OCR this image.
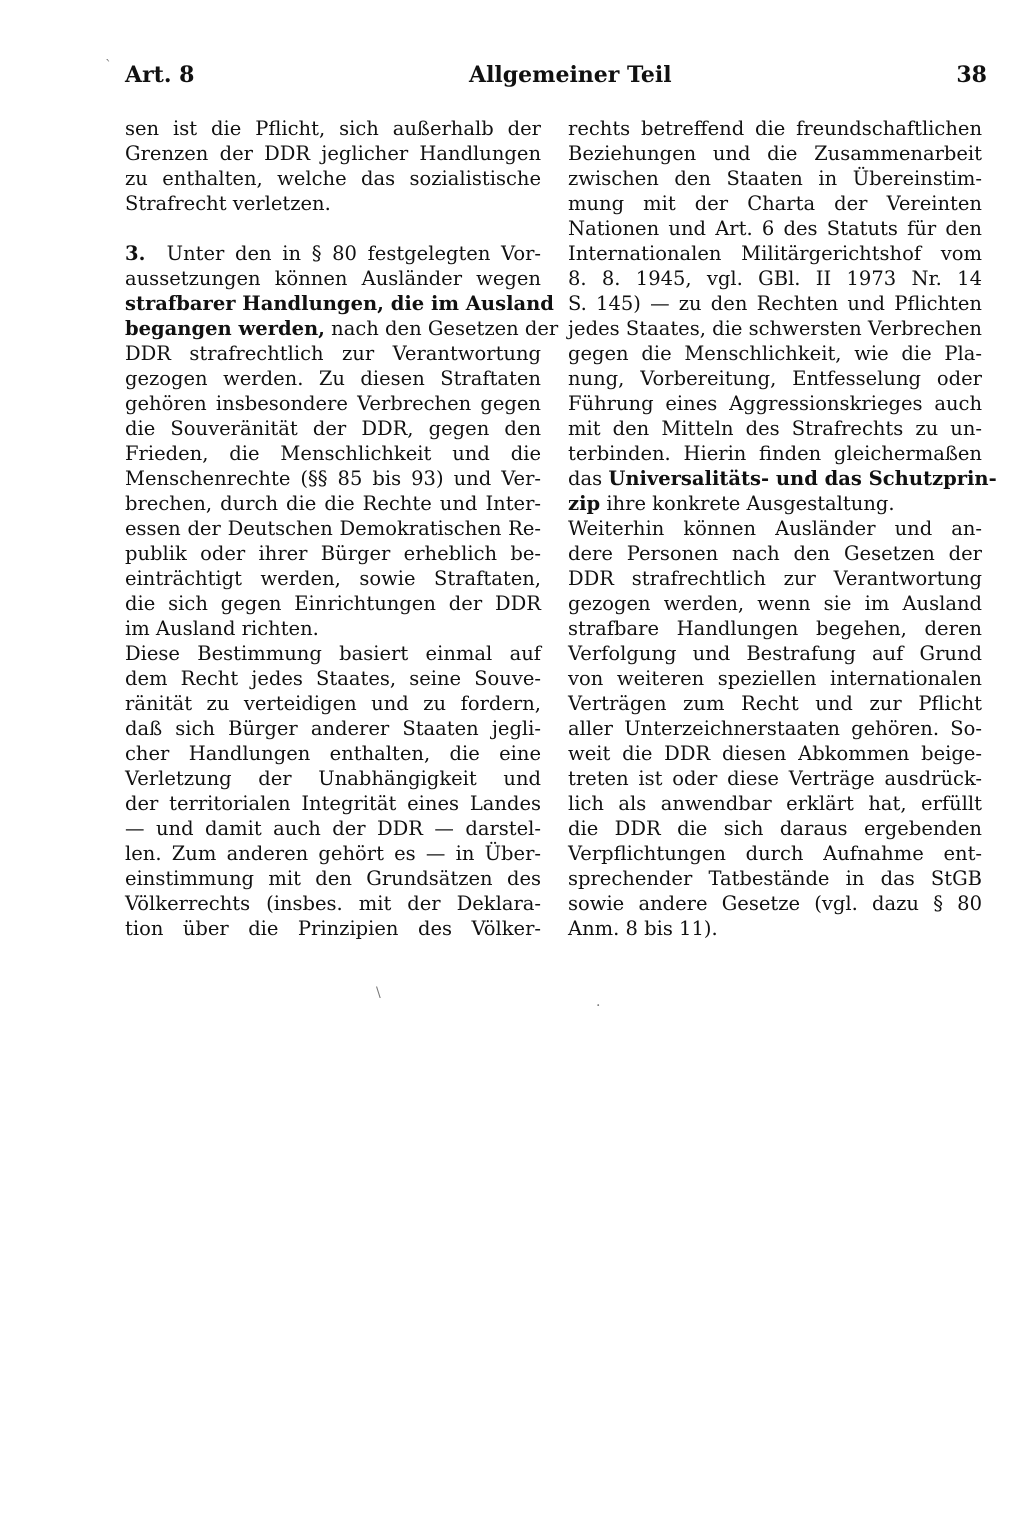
Art. 8	Allgemeiner Teil	38
sen ist die Pflicht, sich außerhalb der
Grenzen der DDR jeglicher Handlungen
zu enthalten, welche das sozialistische
Strafrecht verletzen.
3.  Unter den in § 80 festgelegten Vor-
aussetzungen können Ausländer wegen
strafbarer Handlungen, die im Ausland
begangen werden, nach den Gesetzen der
DDR strafrechtlich zur Verantwortung
gezogen werden. Zu diesen Straftaten
gehören insbesondere Verbrechen gegen
die Souveränität der DDR, gegen den
Frieden, die Menschlichkeit und die
Menschenrechte (§§ 85 bis 93) und Ver-
brechen, durch die die Rechte und Inter-
essen der Deutschen Demokratischen Re-
publik oder ihrer Bürger erheblich be-
einträchtigt werden, sowie Straftaten,
die sich gegen Einrichtungen der DDR
im Ausland richten.
Diese Bestimmung basiert einmal auf
dem Recht jedes Staates, seine Souve-
ränität zu verteidigen und zu fordern,
daß sich Bürger anderer Staaten jegli-
cher Handlungen enthalten, die eine
Verletzung der Unabhängigkeit und
der territorialen Integrität eines Landes
— und damit auch der DDR — darstel-
len. Zum anderen gehört es — in Über-
einstimmung mit den Grundsätzen des
Völkerrechts (insbes. mit der Deklara-
tion über die Prinzipien des Völker-
rechts betreffend die freundschaftlichen
Beziehungen und die Zusammenarbeit
zwischen den Staaten in Übereinstim-
mung mit der Charta der Vereinten
Nationen und Art. 6 des Statuts für den
Internationalen Militärgerichtshof vom
8. 8. 1945, vgl. GBl. II 1973 Nr. 14
S. 145) — zu den Rechten und Pflichten
jedes Staates, die schwersten Verbrechen
gegen die Menschlichkeit, wie die Pla-
nung, Vorbereitung, Entfesselung oder
Führung eines Aggressionskrieges auch
mit den Mitteln des Strafrechts zu un-
terbinden. Hierin finden gleichermaßen
das Universalitäts- und das Schutzprin-
zip ihre konkrete Ausgestaltung.
Weiterhin können Ausländer und an-
dere Personen nach den Gesetzen der
DDR strafrechtlich zur Verantwortung
gezogen werden, wenn sie im Ausland
strafbare Handlungen begehen, deren
Verfolgung und Bestrafung auf Grund
von weiteren speziellen internationalen
Verträgen zum Recht und zur Pflicht
aller Unterzeichnerstaaten gehören. So-
weit die DDR diesen Abkommen beige-
treten ist oder diese Verträge ausdrück-
lich als anwendbar erklärt hat, erfüllt
die DDR die sich daraus ergebenden
Verpflichtungen durch Aufnahme ent-
sprechender Tatbestände in das StGB
sowie andere Gesetze (vgl. dazu § 80
Anm. 8 bis 11).
`
\
·
